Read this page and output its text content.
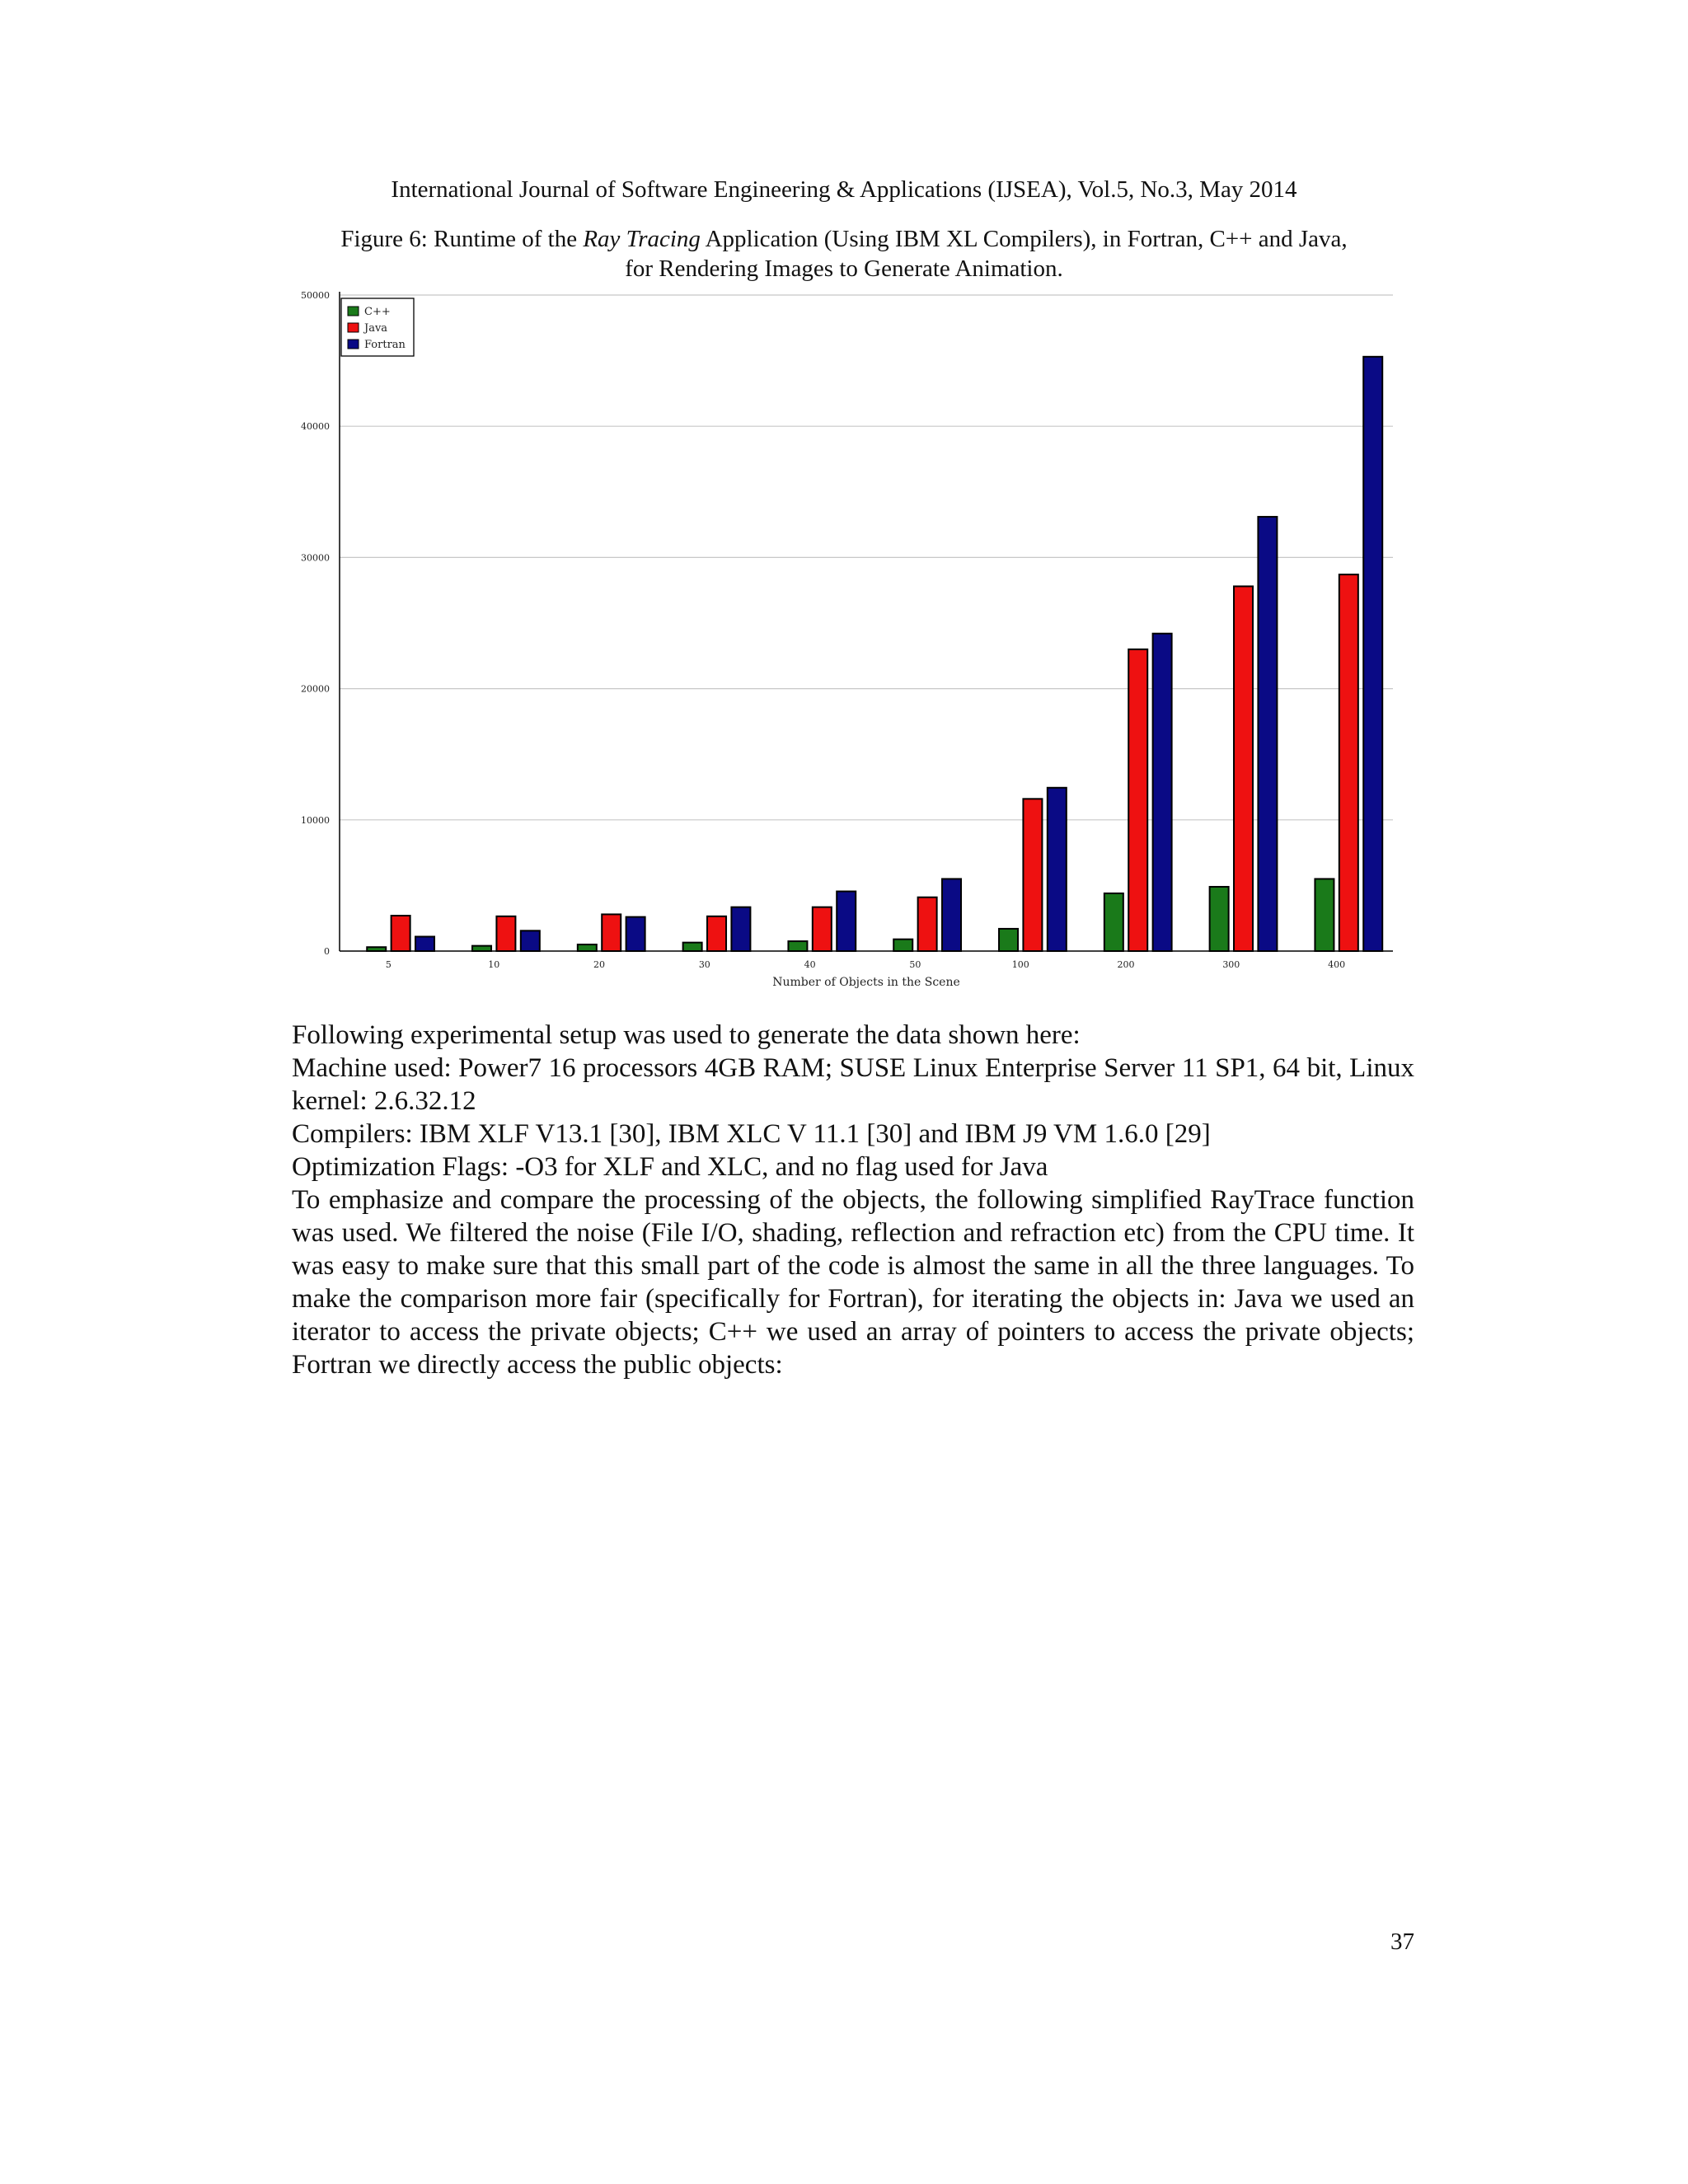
International Journal of Software Engineering & Applications (IJSEA), Vol.5, No.3, May 2014
Figure 6: Runtime of the Ray Tracing Application (Using IBM XL Compilers), in Fortran, C++ and Java,
for Rendering Images to Generate Animation.
0
10000
20000
30000
40000
50000
5	10	20	30	40	50	100	200	300	400
Number of Objects in the Scene
C++
Java
Fortran

Following experimental setup was used to generate the data shown here:

Machine used: Power7 16 processors 4GB RAM; SUSE Linux Enterprise Server 11 SP1, 64 bit, Linux kernel: 2.6.32.12

Compilers: IBM XLF V13.1 [30], IBM XLC V 11.1 [30] and IBM J9 VM 1.6.0 [29]

Optimization Flags: -O3 for XLF and XLC, and no flag used for Java

To emphasize and compare the processing of the objects, the following simplified RayTrace function was used. We filtered the noise (File I/O, shading, reflection and refraction etc) from the CPU time. It was easy to make sure that this small part of the code is almost the same in all the three languages. To make the comparison more fair (specifically for Fortran), for iterating the objects in: Java we used an iterator to access the private objects; C++ we used an array of pointers to access the private objects; Fortran we directly access the public objects:

37
